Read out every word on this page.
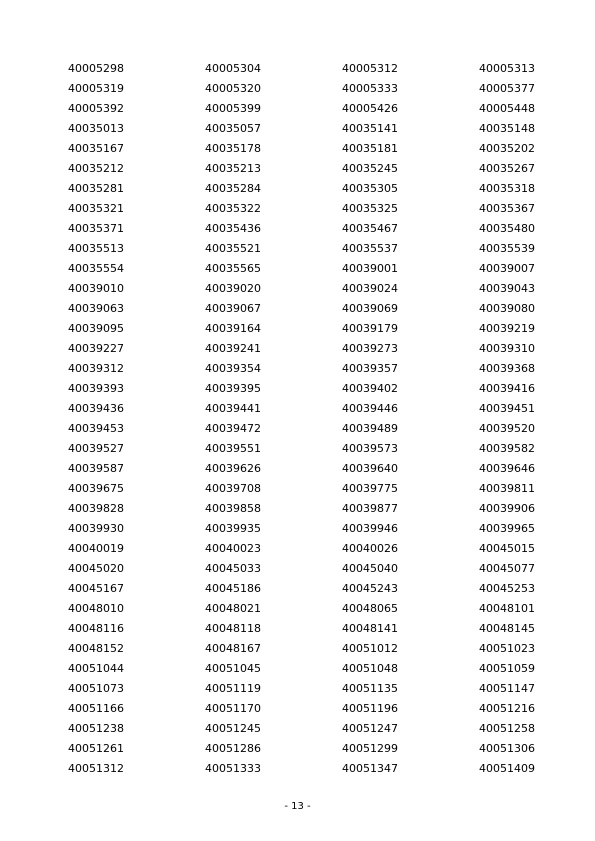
40005298	40005304	40005312	40005313
40005319	40005320	40005333	40005377
40005392	40005399	40005426	40005448
40035013	40035057	40035141	40035148
40035167	40035178	40035181	40035202
40035212	40035213	40035245	40035267
40035281	40035284	40035305	40035318
40035321	40035322	40035325	40035367
40035371	40035436	40035467	40035480
40035513	40035521	40035537	40035539
40035554	40035565	40039001	40039007
40039010	40039020	40039024	40039043
40039063	40039067	40039069	40039080
40039095	40039164	40039179	40039219
40039227	40039241	40039273	40039310
40039312	40039354	40039357	40039368
40039393	40039395	40039402	40039416
40039436	40039441	40039446	40039451
40039453	40039472	40039489	40039520
40039527	40039551	40039573	40039582
40039587	40039626	40039640	40039646
40039675	40039708	40039775	40039811
40039828	40039858	40039877	40039906
40039930	40039935	40039946	40039965
40040019	40040023	40040026	40045015
40045020	40045033	40045040	40045077
40045167	40045186	40045243	40045253
40048010	40048021	40048065	40048101
40048116	40048118	40048141	40048145
40048152	40048167	40051012	40051023
40051044	40051045	40051048	40051059
40051073	40051119	40051135	40051147
40051166	40051170	40051196	40051216
40051238	40051245	40051247	40051258
40051261	40051286	40051299	40051306
40051312	40051333	40051347	40051409
- 13 -
